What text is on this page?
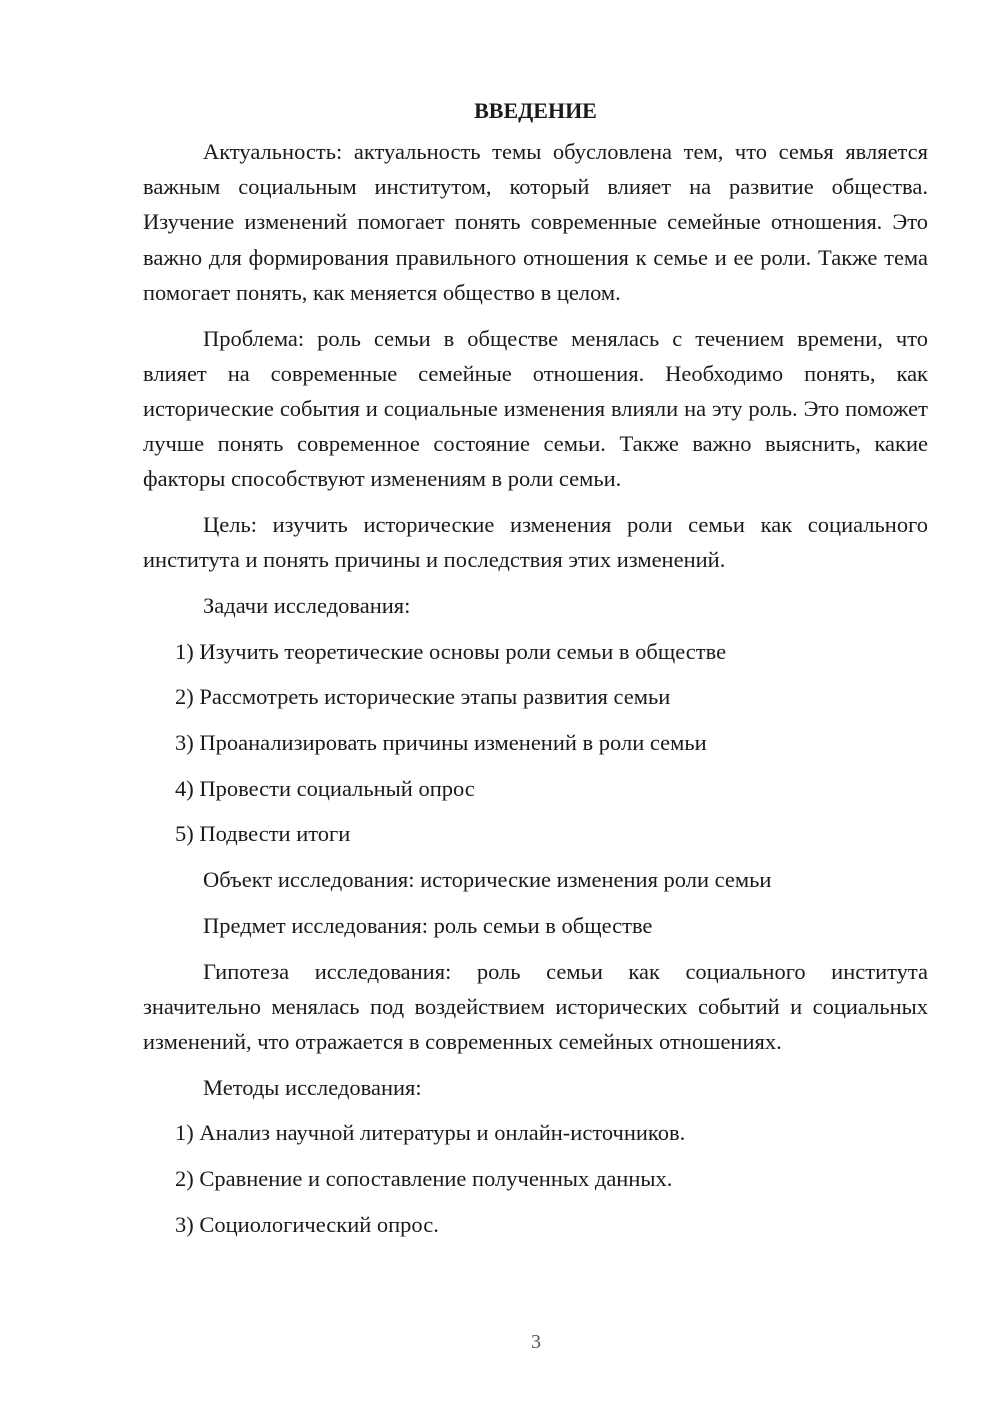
ВВЕДЕНИЕ
Актуальность: актуальность темы обусловлена тем, что семья является важным социальным институтом, который влияет на развитие общества. Изучение изменений помогает понять современные семейные отношения. Это важно для формирования правильного отношения к семье и ее роли. Также тема помогает понять, как меняется общество в целом.
Проблема: роль семьи в обществе менялась с течением времени, что влияет на современные семейные отношения. Необходимо понять, как исторические события и социальные изменения влияли на эту роль. Это поможет лучше понять современное состояние семьи. Также важно выяснить, какие факторы способствуют изменениям в роли семьи.
Цель: изучить исторические изменения роли семьи как социального института и понять причины и последствия этих изменений.
Задачи исследования:
1) Изучить теоретические основы роли семьи в обществе
2) Рассмотреть исторические этапы развития семьи
3) Проанализировать причины изменений в роли семьи
4) Провести социальный опрос
5) Подвести итоги
Объект исследования: исторические изменения роли семьи
Предмет исследования: роль семьи в обществе
Гипотеза исследования: роль семьи как социального института значительно менялась под воздействием исторических событий и социальных изменений, что отражается в современных семейных отношениях.
Методы исследования:
1) Анализ научной литературы и онлайн-источников.
2) Сравнение и сопоставление полученных данных.
3) Социологический опрос.
3
